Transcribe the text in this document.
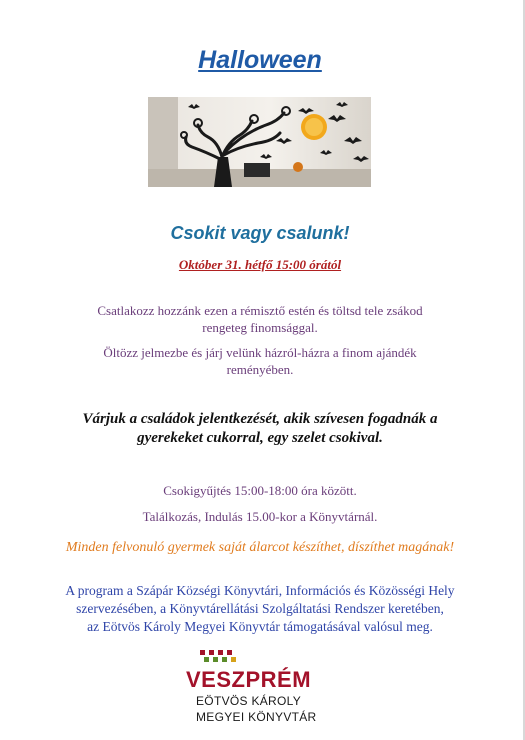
Halloween
Csokit vagy csalunk!
Október 31. hétfő 15:00 órától
Csatlakozz hozzánk ezen a rémisztő estén és töltsd tele zsákod
rengeteg finomsággal.
Öltözz jelmezbe és járj velünk házról-házra a finom ajándék
reményében.
Várjuk a családok jelentkezését, akik szívesen fogadnák a
gyerekeket cukorral, egy szelet csokival.
Csokigyűjtés 15:00-18:00 óra között.
Találkozás, Indulás 15.00-kor a Könyvtárnál.
Minden felvonuló gyermek saját álarcot készíthet, díszíthet magának!
A program a Szápár Községi Könyvtári, Információs és Közösségi Hely
szervezésében, a Könyvtárellátási Szolgáltatási Rendszer keretében,
az Eötvös Károly Megyei Könyvtár támogatásával valósul meg.
VESZPRÉM
EÖTVÖS KÁROLY
MEGYEI KÖNYVTÁR
